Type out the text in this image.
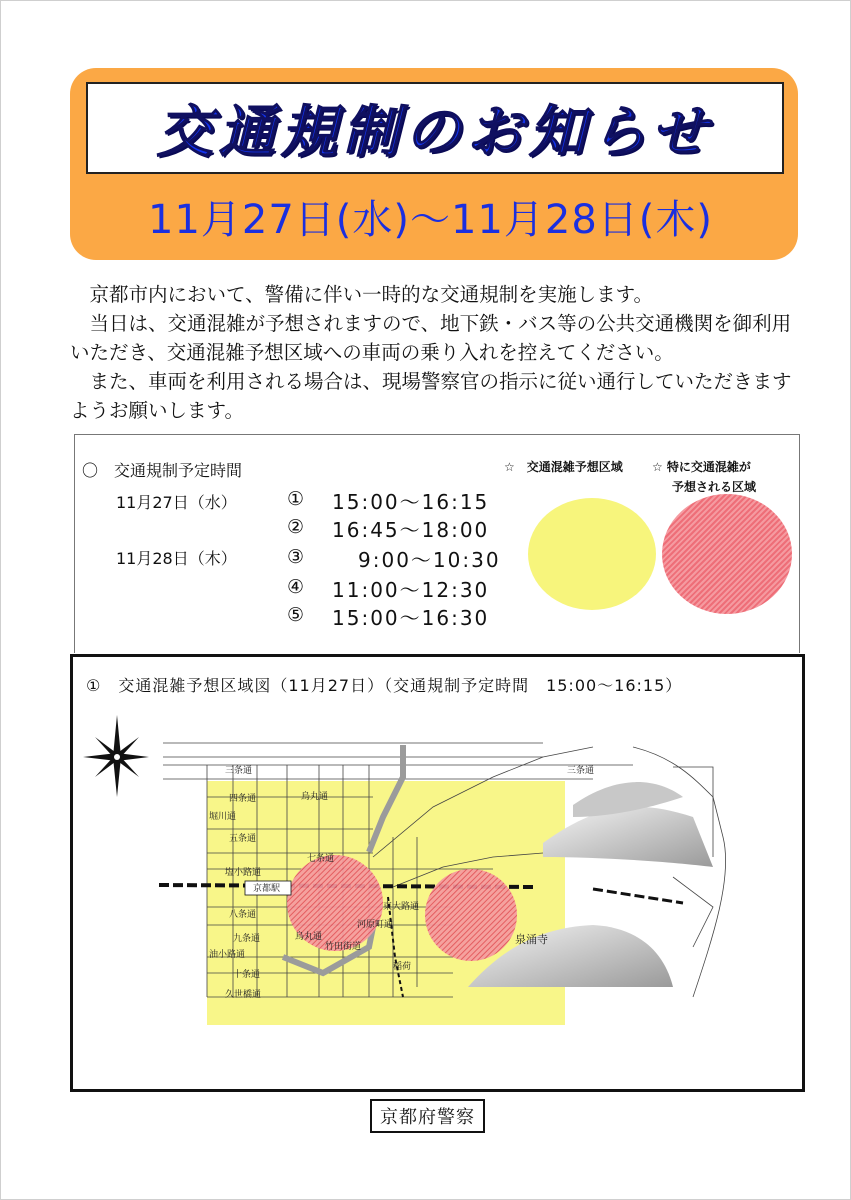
交通規制のお知らせ
11月27日(水)〜11月28日(木)

京都市内において、警備に伴い一時的な交通規制を実施します。

当日は、交通混雑が予想されますので、地下鉄・バス等の公共交通機関を御利用いただき、交通混雑予想区域への車両の乗り入れを控えてください。

また、車両を利用される場合は、現場警察官の指示に従い通行していただきますようお願いします。

〇　交通規制予定時間
11月27日（水）
11月28日（木）
① 15:00〜16:15
② 16:45〜18:00
③	9:00〜10:30
④ 11:00〜12:30
⑤ 15:00〜16:30
☆　交通混雑予想区域 ☆ 特に交通混雑が
予想される区域
①　交通混雑予想区域図（11月27日）（交通規制予定時間　15:00〜16:15）
三条通	三条通
四条通
堀川通
烏丸通
五条通
塩小路通
七条通
京都駅
八条通
九条通
油小路通
烏丸通
竹田街道
河原町通
東大路通
十条通
久世橋通
稲荷
泉涌寺
京都府警察
